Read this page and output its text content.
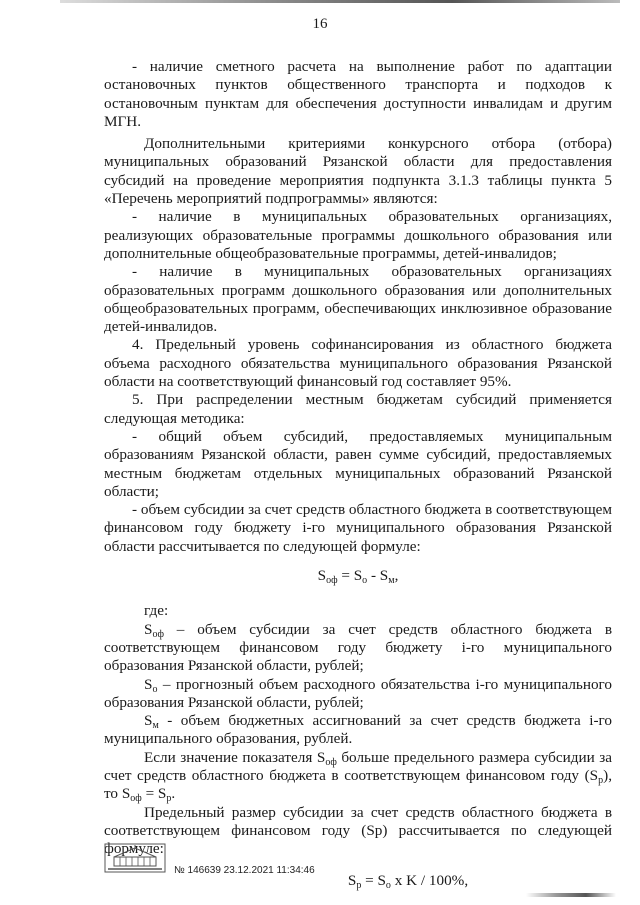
16

- наличие сметного расчета на выполнение работ по адаптации остановочных пунктов общественного транспорта и подходов к остановочным пунктам для обеспечения доступности инвалидам и другим МГН.

Дополнительными критериями конкурсного отбора (отбора) муниципальных образований Рязанской области для предоставления субсидий на проведение мероприятия подпункта 3.1.3 таблицы пункта 5 «Перечень мероприятий подпрограммы» являются:

- наличие в муниципальных образовательных организациях, реализующих образовательные программы дошкольного образования или дополнительные общеобразовательные программы, детей-инвалидов;

- наличие в муниципальных образовательных организациях образовательных программ дошкольного образования или дополнительных общеобразовательных программ, обеспечивающих инклюзивное образование детей-инвалидов.

4. Предельный уровень софинансирования из областного бюджета объема расходного обязательства муниципального образования Рязанской области на соответствующий финансовый год составляет 95%.

5. При распределении местным бюджетам субсидий применяется следующая методика:

- общий объем субсидий, предоставляемых муниципальным образованиям Рязанской области, равен сумме субсидий, предоставляемых местным бюджетам отдельных муниципальных образований Рязанской области;

- объем субсидии за счет средств областного бюджета в соответствующем финансовом году бюджету i-го муниципального образования Рязанской области рассчитывается по следующей формуле:

$S_{оф} = S_о - S_м$,

где:

$S_{оф}$ – объем субсидии за счет средств областного бюджета в соответствующем финансовом году бюджету i-го муниципального образования Рязанской области, рублей;

$S_о$ – прогнозный объем расходного обязательства i-го муниципального образования Рязанской области, рублей;

$S_м$ - объем бюджетных ассигнований за счет средств бюджета i-го муниципального образования, рублей.

Если значение показателя $S_{оф}$ больше предельного размера субсидии за счет средств областного бюджета в соответствующем финансовом году $(S_р)$, то $S_{оф} = S_р$.

Предельный размер субсидии за счет средств областного бюджета в соответствующем финансовом году (Sр) рассчитывается по следующей формуле:

$S_р = S_о$ x K / 100%,

№ 146639 23.12.2021 11:34:46
